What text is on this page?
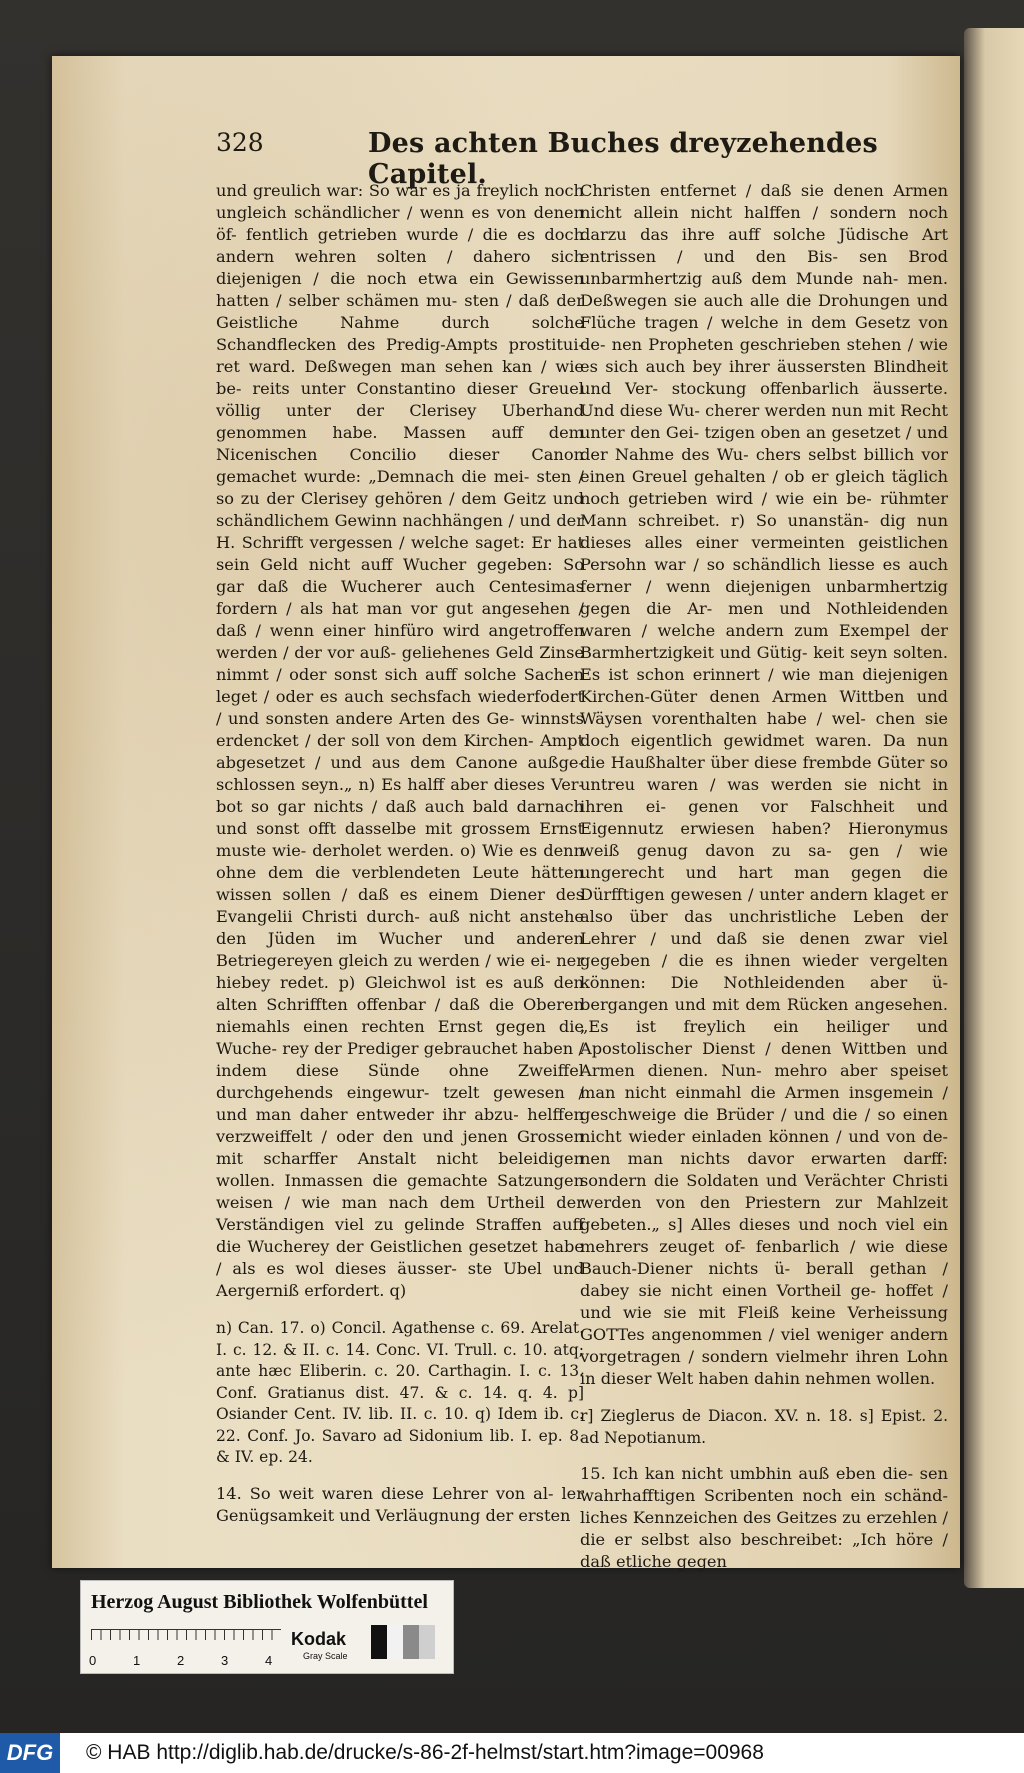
328	Des achten Buches dreyzehendes Capitel.

und greulich war: So war es ja freylich noch ungleich schändlicher / wenn es von denen öf- fentlich getrieben wurde / die es doch andern wehren solten / dahero sich diejenigen / die noch etwa ein Gewissen hatten / selber schämen mu- sten / daß der Geistliche Nahme durch solche Schandflecken des Predig-Ampts prostitui- ret ward. Deßwegen man sehen kan / wie be- reits unter Constantino dieser Greuel völlig unter der Clerisey Uberhand genommen habe. Massen auff dem Nicenischen Concilio dieser Canon gemachet wurde: „Demnach die mei- sten / so zu der Clerisey gehören / dem Geitz und schändlichem Gewinn nachhängen / und der H. Schrifft vergessen / welche saget: Er hat sein Geld nicht auff Wucher gegeben: So gar daß die Wucherer auch Centesimas fordern / als hat man vor gut angesehen / daß / wenn einer hinfüro wird angetroffen werden / der vor auß- geliehenes Geld Zinse nimmt / oder sonst sich auff solche Sachen leget / oder es auch sechsfach wiederfodert / und sonsten andere Arten des Ge- winnsts erdencket / der soll von dem Kirchen- Ampt abgesetzet / und aus dem Canone außge- schlossen seyn.„ n) Es halff aber dieses Ver- bot so gar nichts / daß auch bald darnach und sonst offt dasselbe mit grossem Ernst muste wie- derholet werden. o) Wie es denn ohne dem die verblendeten Leute hätten wissen sollen / daß es einem Diener des Evangelii Christi durch- auß nicht anstehe den Jüden im Wucher und anderen Betriegereyen gleich zu werden / wie ei- ner hiebey redet. p) Gleichwol ist es auß den alten Schrifften offenbar / daß die Oberen niemahls einen rechten Ernst gegen die Wuche- rey der Prediger gebrauchet haben / indem diese Sünde ohne Zweiffel durchgehends eingewur- tzelt gewesen / und man daher entweder ihr abzu- helffen verzweiffelt / oder den und jenen Grossen mit scharffer Anstalt nicht beleidigen wollen. Inmassen die gemachte Satzungen weisen / wie man nach dem Urtheil der Verständigen viel zu gelinde Straffen auff die Wucherey der Geistlichen gesetzet habe / als es wol dieses äusser- ste Ubel und Aergerniß erfordert. q)

n) Can. 17. o) Concil. Agathense c. 69. Arelat. I. c. 12. & II. c. 14. Conc. VI. Trull. c. 10. atq; ante hæc Eliberin. c. 20. Carthagin. I. c. 13. Conf. Gratianus dist. 47. & c. 14. q. 4. p] Osiander Cent. IV. lib. II. c. 10. q) Idem ib. c. 22. Conf. Jo. Savaro ad Sidonium lib. I. ep. 8. & IV. ep. 24.

14. So weit waren diese Lehrer von al- ler Genügsamkeit und Verläugnung der ersten

Christen entfernet / daß sie denen Armen nicht allein nicht halffen / sondern noch darzu das ihre auff solche Jüdische Art entrissen / und den Bis- sen Brod unbarmhertzig auß dem Munde nah- men. Deßwegen sie auch alle die Drohungen und Flüche tragen / welche in dem Gesetz von de- nen Propheten geschrieben stehen / wie es sich auch bey ihrer äussersten Blindheit und Ver- stockung offenbarlich äusserte. Und diese Wu- cherer werden nun mit Recht unter den Gei- tzigen oben an gesetzet / und der Nahme des Wu- chers selbst billich vor einen Greuel gehalten / ob er gleich täglich noch getrieben wird / wie ein be- rühmter Mann schreibet. r) So unanstän- dig nun dieses alles einer vermeinten geistlichen Persohn war / so schändlich liesse es auch ferner / wenn diejenigen unbarmhertzig gegen die Ar- men und Nothleidenden waren / welche andern zum Exempel der Barmhertzigkeit und Gütig- keit seyn solten. Es ist schon erinnert / wie man diejenigen Kirchen-Güter denen Armen Wittben und Wäysen vorenthalten habe / wel- chen sie doch eigentlich gewidmet waren. Da nun die Haußhalter über diese frembde Güter so untreu waren / was werden sie nicht in ihren ei- genen vor Falschheit und Eigennutz erwiesen haben? Hieronymus weiß genug davon zu sa- gen / wie ungerecht und hart man gegen die Dürfftigen gewesen / unter andern klaget er also über das unchristliche Leben der Lehrer / und daß sie denen zwar viel gegeben / die es ihnen wieder vergelten können: Die Nothleidenden aber ü- bergangen und mit dem Rücken angesehen. „Es ist freylich ein heiliger und Apostolischer Dienst / denen Wittben und Armen dienen. Nun- mehro aber speiset man nicht einmahl die Armen insgemein / geschweige die Brüder / und die / so einen nicht wieder einladen können / und von de- nen man nichts davor erwarten darff: sondern die Soldaten und Verächter Christi werden von den Priestern zur Mahlzeit gebeten.„ s] Alles dieses und noch viel ein mehrers zeuget of- fenbarlich / wie diese Bauch-Diener nichts ü- berall gethan / dabey sie nicht einen Vortheil ge- hoffet / und wie sie mit Fleiß keine Verheissung GOTTes angenommen / viel weniger andern vorgetragen / sondern vielmehr ihren Lohn in dieser Welt haben dahin nehmen wollen.

r] Zieglerus de Diacon. XV. n. 18. s] Epist. 2. ad Nepotianum.

15. Ich kan nicht umbhin auß eben die- sen wahrhafftigen Scribenten noch ein schänd- liches Kennzeichen des Geitzes zu erzehlen / die er selbst also beschreibet: „Ich höre / daß etliche gegen

Herzog August Bibliothek Wolfenbüttel
0	1	2	3	4
Kodak
Gray Scale
DFG	© HAB http://diglib.hab.de/drucke/s-86-2f-helmst/start.htm?image=00968
